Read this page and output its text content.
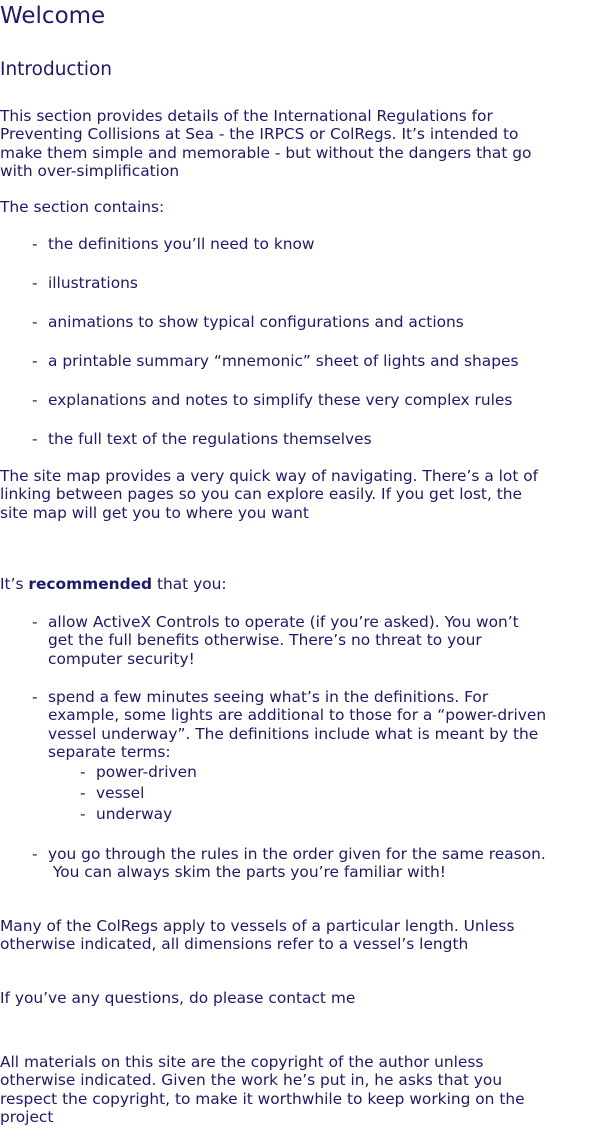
Welcome
Introduction
This section provides details of the International Regulations for
Preventing Collisions at Sea - the IRPCS or ColRegs. It’s intended to
make them simple and memorable - but without the dangers that go
with over-simplification
The section contains:
- the definitions you’ll need to know
- illustrations
- animations to show typical configurations and actions
- a printable summary “mnemonic” sheet of lights and shapes
- explanations and notes to simplify these very complex rules
- the full text of the regulations themselves
The site map provides a very quick way of navigating. There’s a lot of
linking between pages so you can explore easily. If you get lost, the
site map will get you to where you want
It’s recommended that you:
- allow ActiveX Controls to operate (if you’re asked). You won’t
get the full benefits otherwise. There’s no threat to your
computer security!
- spend a few minutes seeing what’s in the definitions. For
example, some lights are additional to those for a “power-driven
vessel underway”. The definitions include what is meant by the
separate terms:
- power-driven
- vessel
- underway
- you go through the rules in the order given for the same reason.
You can always skim the parts you’re familiar with!
Many of the ColRegs apply to vessels of a particular length. Unless
otherwise indicated, all dimensions refer to a vessel’s length
If you’ve any questions, do please contact me
All materials on this site are the copyright of the author unless
otherwise indicated. Given the work he’s put in, he asks that you
respect the copyright, to make it worthwhile to keep working on the
project
